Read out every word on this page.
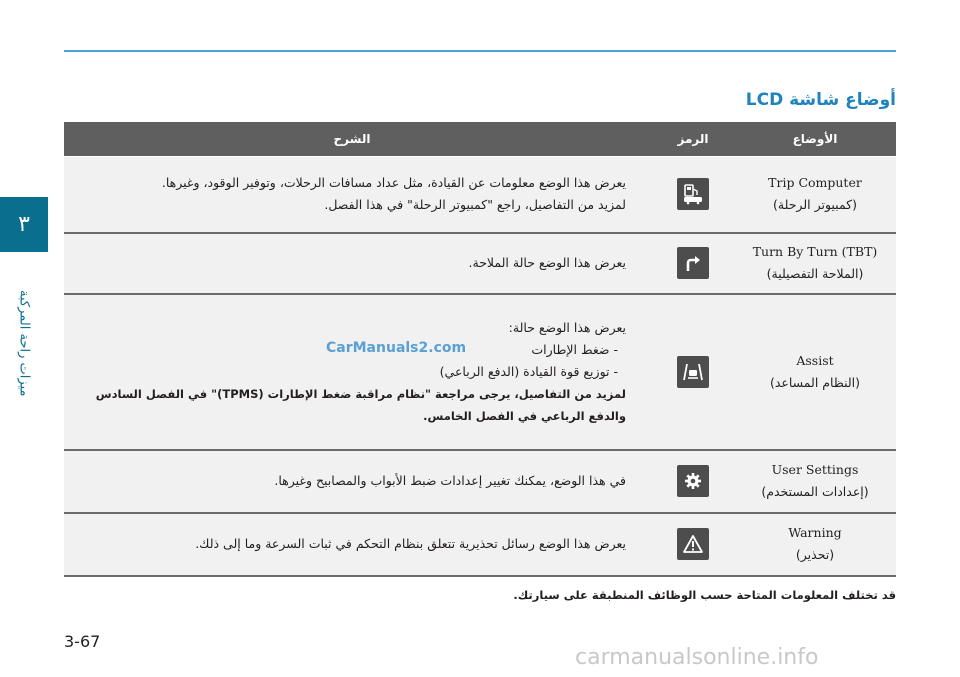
٣
ميزات راحة المركبة
أوضاع شاشة LCD
الأوضاع	الرمز	الشرح

Trip Computer
(كمبيوتر الرحلة)		يعرض هذا الوضع معلومات عن القيادة، مثل عداد مسافات الرحلات، وتوفير الوقود، وغيرها.
لمزيد من التفاصيل، راجع "كمبيوتر الرحلة" في هذا الفصل.

Turn By Turn (TBT)
(الملاحة التفصيلية)		يعرض هذا الوضع حالة الملاحة.

Assist
(النظام المساعد)		يعرض هذا الوضع حالة:
- ضغط الإطارات
- توزيع قوة القيادة (الدفع الرباعي)
لمزيد من التفاصيل، يرجى مراجعة "نظام مراقبة ضغط الإطارات (TPMS)" في الفصل السادس
والدفع الرباعي في الفصل الخامس.

User Settings
(إعدادات المستخدم)		في هذا الوضع، يمكنك تغيير إعدادات ضبط الأبواب والمصابيح وغيرها.

Warning
(تحذير)		يعرض هذا الوضع رسائل تحذيرية تتعلق بنظام التحكم في ثبات السرعة وما إلى ذلك.
CarManuals2.com
قد تختلف المعلومات المتاحة حسب الوظائف المنطبقة على سيارتك.
3-67
carmanualsonline.info
